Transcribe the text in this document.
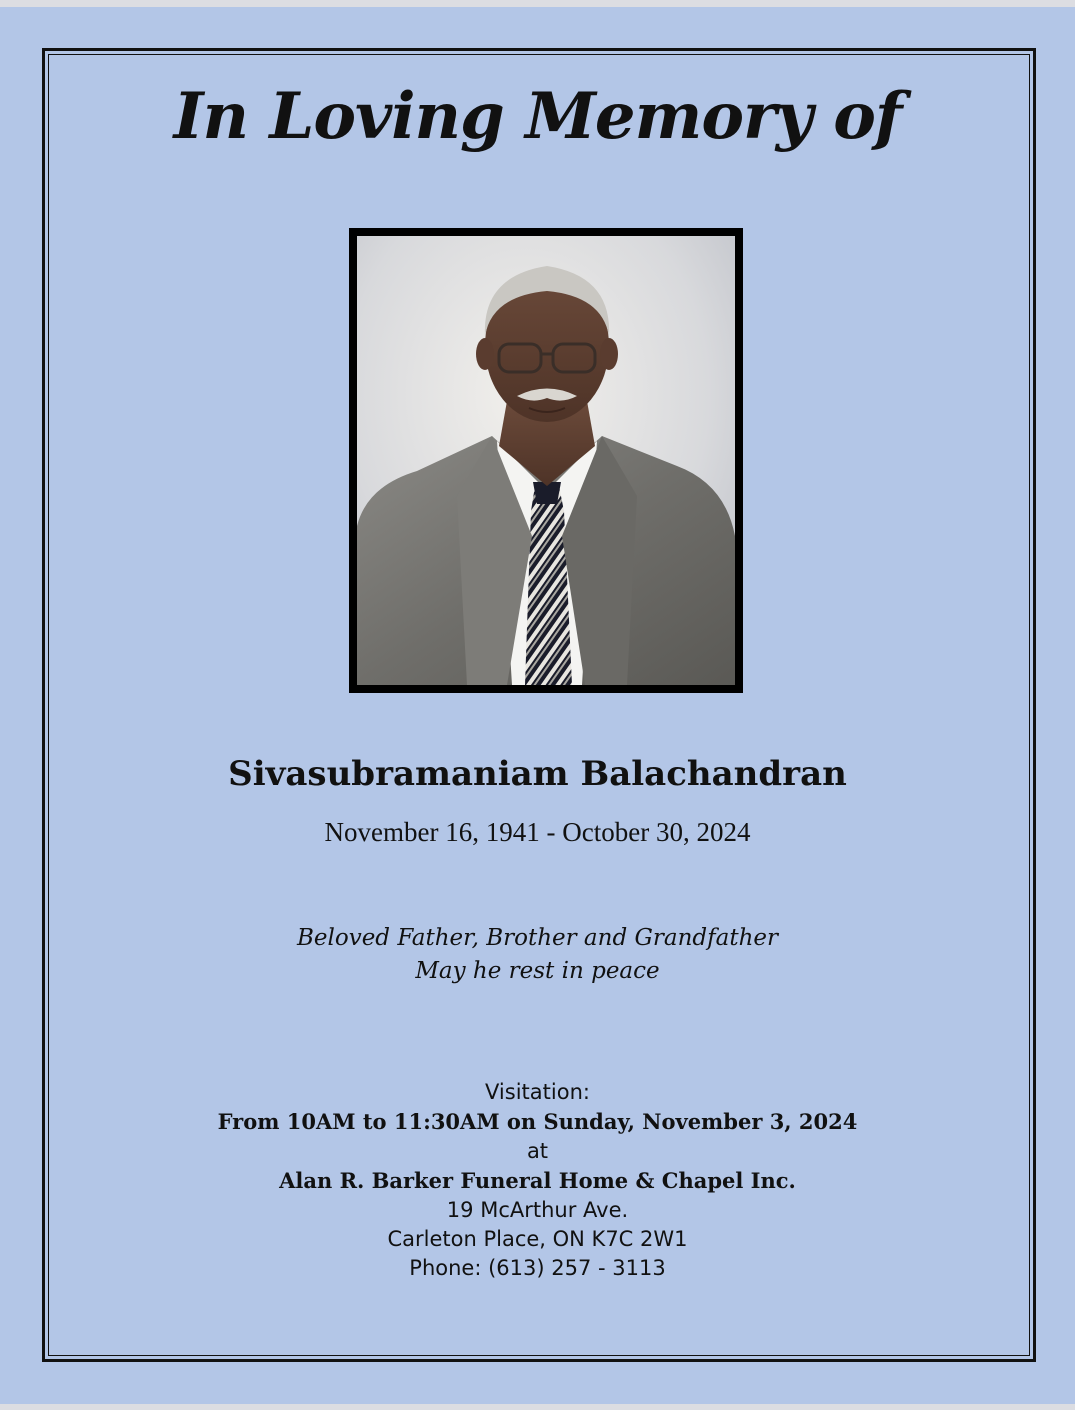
In Loving Memory of
Sivasubramaniam Balachandran
November 16, 1941 - October 30, 2024
Beloved Father, Brother and Grandfather
May he rest in peace
Visitation:
From 10AM to 11:30AM on Sunday, November 3, 2024
at
Alan R. Barker Funeral Home & Chapel Inc.
19 McArthur Ave.
Carleton Place, ON K7C 2W1
Phone: (613) 257 - 3113
